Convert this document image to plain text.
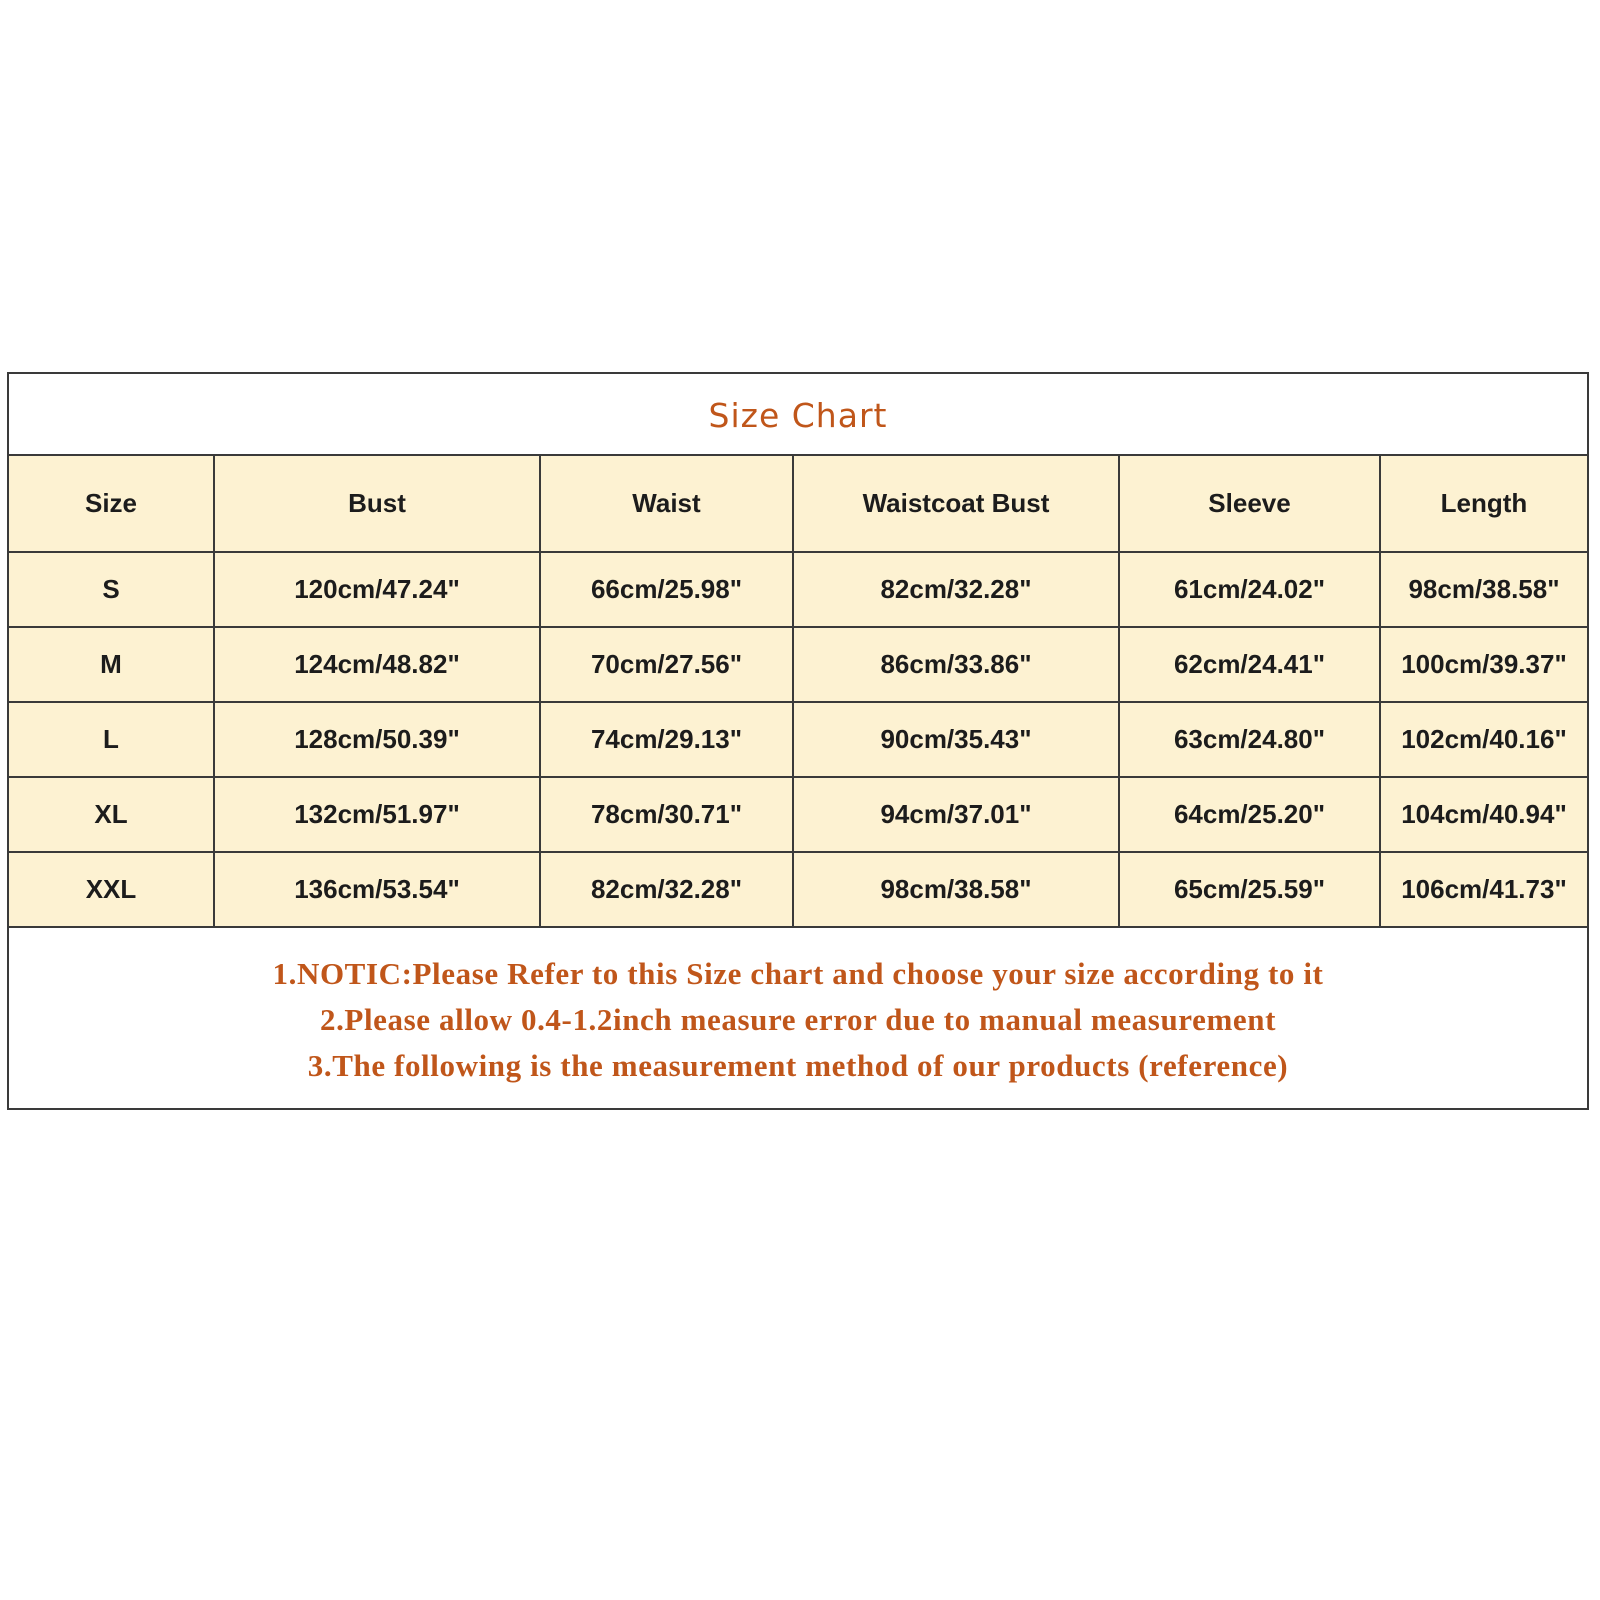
Size Chart
Size	Bust	Waist	Waistcoat Bust	Sleeve	Length
S	120cm/47.24"	66cm/25.98"	82cm/32.28"	61cm/24.02"	98cm/38.58"
M	124cm/48.82"	70cm/27.56"	86cm/33.86"	62cm/24.41"	100cm/39.37"
L	128cm/50.39"	74cm/29.13"	90cm/35.43"	63cm/24.80"	102cm/40.16"
XL	132cm/51.97"	78cm/30.71"	94cm/37.01"	64cm/25.20"	104cm/40.94"
XXL	136cm/53.54"	82cm/32.28"	98cm/38.58"	65cm/25.59"	106cm/41.73"
1.NOTIC:Please Refer to this Size chart and choose your size according to it
2.Please allow 0.4-1.2inch measure error due to manual measurement
3.The following is the measurement method of our products (reference)
